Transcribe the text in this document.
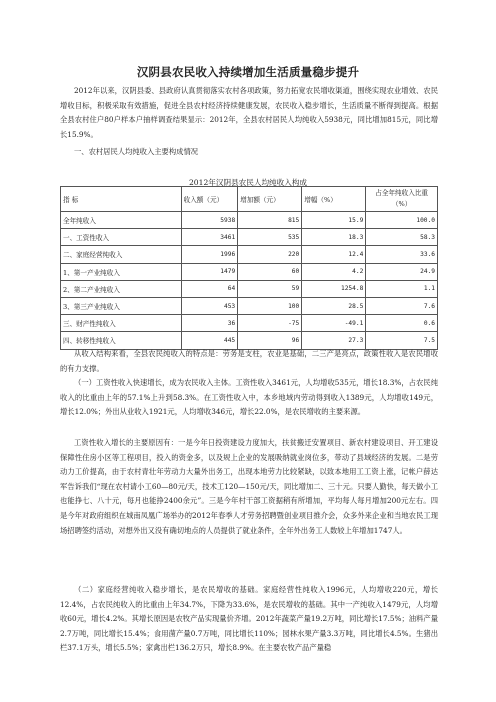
汉阴县农民收入持续增加生活质量稳步提升

2012年以来，汉阴县委、县政府认真贯彻落实农村各项政策，努力拓宽农民增收渠道，围绕实现农业增效、农民增收目标，积极采取有效措施，促进全县农村经济持续健康发展，农民收入稳步增长，生活质量不断得到提高。根据全县农村住户80户样本户抽样调查结果显示：2012年，全县农村居民人均纯收入5938元，同比增加815元，同比增长15.9%。

一、农村居民人均纯收入主要构成情况

2012年汉阴县农民人均纯收入构成
指 标	收入额（元）	增加额（元）	增幅（%）	占全年纯收入比重（%）
全年纯收入	5938	815	15.9	100.0
一、工资性收入	3461	535	18.3	58.3
二、家庭经营纯收入	1996	220	12.4	33.6
1、第一产业纯收入	1479	60	4.2	24.9
2、第二产业纯收入	64	59	1254.8	1.1
3、第三产业纯收入	453	100	28.5	7.6
三、财产性纯收入	36	-75	-49.1	0.6
四、转移性纯收入	445	96	27.3	7.5

从收入结构来看，全县农民纯收入的特点是：劳务是支柱，农业是基础，二三产是亮点，政策性收入是农民增收的有力支撑。

（一）工资性收入快速增长，成为农民收入主体。工资性收入3461元，人均增收535元，增长18.3%，占农民纯收入的比重由上年的57.1%上升到58.3%。在工资性收入中，本乡地域内劳动得到收入1389元，人均增收149元，增长12.0%；外出从业收入1921元，人均增收346元，增长22.0%，是农民增收的主要来源。

工资性收入增长的主要原因有：一是今年日投资建设力度加大，扶贫搬迁安置项目、新农村建设项目、开工建设保障性住房小区等工程项目，投入的资金多，以及规上企业的发展吸纳就业岗位多，带动了县域经济的发展。二是劳动力工价提高，由于农村青壮年劳动力大量外出务工，出现本地劳力比较紧缺，以致本地用工工资上涨，记帐户薛达军告诉我们“现在农村请小工60—80元/天，技术工120—150元/天，同比增加二、三十元。只要人勤快，每天做小工也能挣七、八十元，每月也能挣2400余元”。三是今年村干部工资据稍有所增加，平均每人每月增加200元左右。四是今年对政府组织在城南凤凰广场举办的2012年春季人才劳务招聘暨创业项目推介会，众多外来企业和当地农民工现场招聘签约活动，对想外出又没有确切地点的人员提供了就业条件，全年外出务工人数较上年增加1747人。

（二）家庭经营纯收入稳步增长，是农民增收的基础。家庭经营性纯收入1996元，人均增收220元，增长12.4%，占农民纯收入的比重由上年34.7%，下降为33.6%，是农民增收的基础。其中一产纯收入1479元，人均增收60元，增长4.2%。其增长原因是农牧产品实现量价齐增。2012年蔬菜产量19.2万吨，同比增长17.5%；油料产量2.7万吨，同比增长15.4%；食用菌产量0.7万吨，同比增长110%；园林水果产量3.3万吨，同比增长4.5%。生猪出栏37.1万头，增长5.5%；家禽出栏136.2万只，增长8.9%。在主要农牧产品产量稳
